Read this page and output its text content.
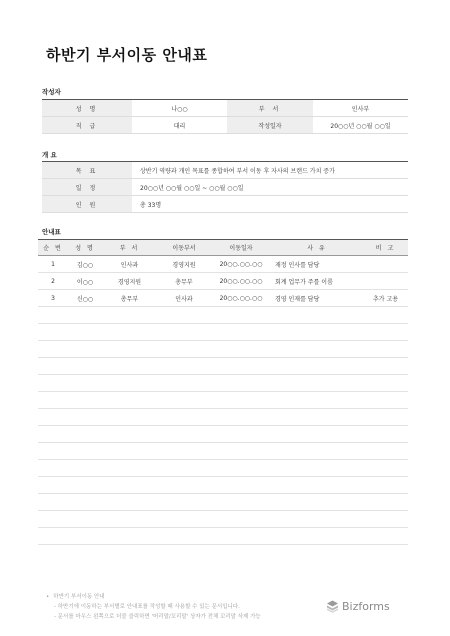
하반기 부서이동 안내표
작성자
성 명	나○○	부 서	인사부
직 급	대리	작성일자	20○○년 ○○월 ○○일
개 요
목 표	상반기 역량과 개인 목표를 종합하여 부서 이동 후 자사의 브랜드 가치 증가
일 정	20○○년 ○○월 ○○일 ~ ○○월 ○○일
인 원	총 33명
안내표
순 번	성 명	부 서	이동부서	이동일자	사 유	비 고
1	김○○	인사과	경영지원	20○○.○○.○○	재정 인사를 담당	
2	이○○	경영지원	총무부	20○○.○○.○○	회계 업무가 주를 이룸	
3	신○○	총무부	인사과	20○○.○○.○○	경영 인재를 담당	추가 고용

• 하반기 부서이동 안내
- 하반기에 이동하는 부서별로 안내표를 작성할 때 사용할 수 있는 문서입니다.
- 문서를 마우스 왼쪽으로 더블 클릭하면 '머리말/꼬리말' 상자가 전체 꼬리말 삭제 가능
Bizforms
